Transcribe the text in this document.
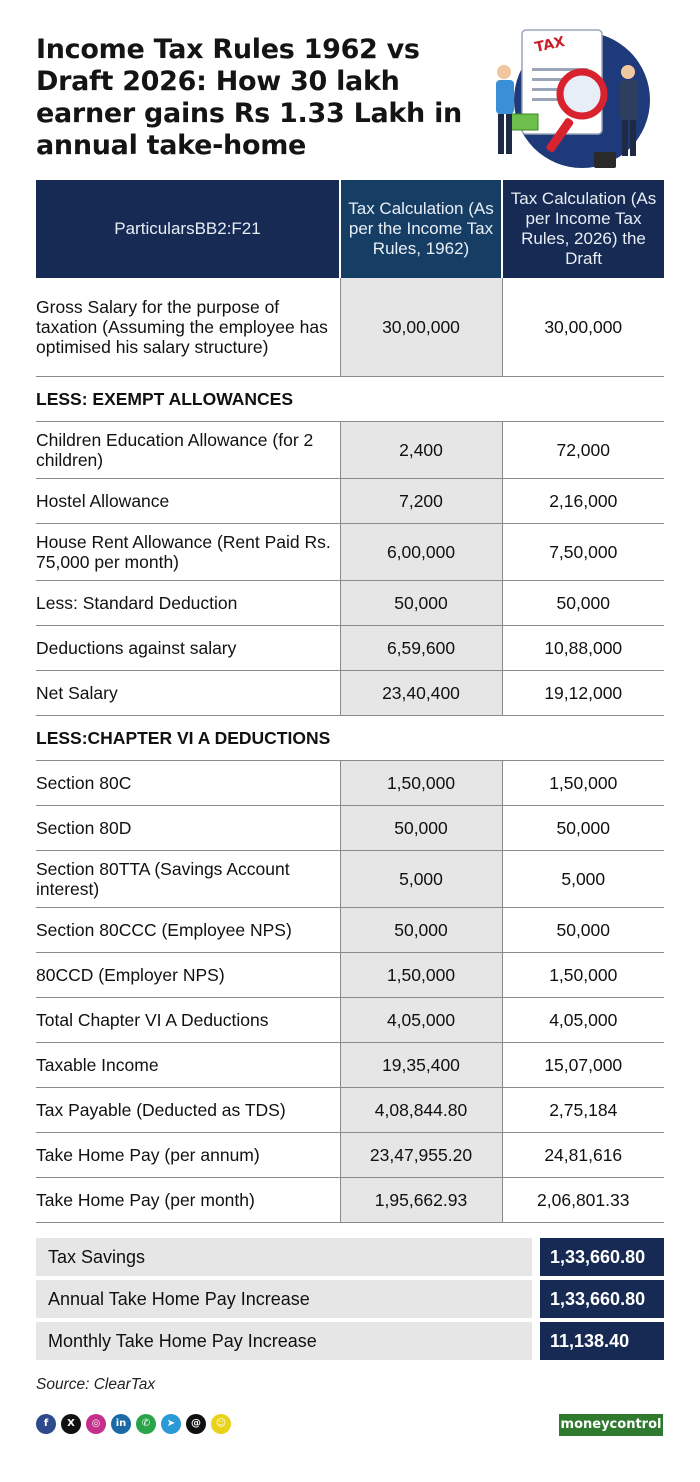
Income Tax Rules 1962 vs Draft 2026: How 30 lakh earner gains Rs 1.33 Lakh in annual take-home
TAX
ParticularsBB2:F21	Tax Calculation (As per the Income Tax Rules, 1962)	Tax Calculation (As per Income Tax Rules, 2026) the Draft
Gross Salary for the purpose of taxation (Assuming the employee has optimised his salary structure)	30,00,000	30,00,000
LESS: EXEMPT ALLOWANCES		
Children Education Allowance (for 2 children)	2,400	72,000
Hostel Allowance	7,200	2,16,000
House Rent Allowance (Rent Paid Rs. 75,000 per month)	6,00,000	7,50,000
Less: Standard Deduction	50,000	50,000
Deductions against salary	6,59,600	10,88,000
Net Salary	23,40,400	19,12,000
LESS:CHAPTER VI A DEDUCTIONS		
Section 80C	1,50,000	1,50,000
Section 80D	50,000	50,000
Section 80TTA (Savings Account interest)	5,000	5,000
Section 80CCC (Employee NPS)	50,000	50,000
80CCD (Employer NPS)	1,50,000	1,50,000
Total Chapter VI A Deductions	4,05,000	4,05,000
Taxable Income	19,35,400	15,07,000
Tax Payable (Deducted as TDS)	4,08,844.80	2,75,184
Take Home Pay (per annum)	23,47,955.20	24,81,616
Take Home Pay (per month)	1,95,662.93	2,06,801.33
Tax Savings	1,33,660.80
Annual Take Home Pay Increase	1,33,660.80
Monthly Take Home Pay Increase	11,138.40
Source: ClearTax
f	X	◎	in	✆	➤	@	☺	moneycontrol
